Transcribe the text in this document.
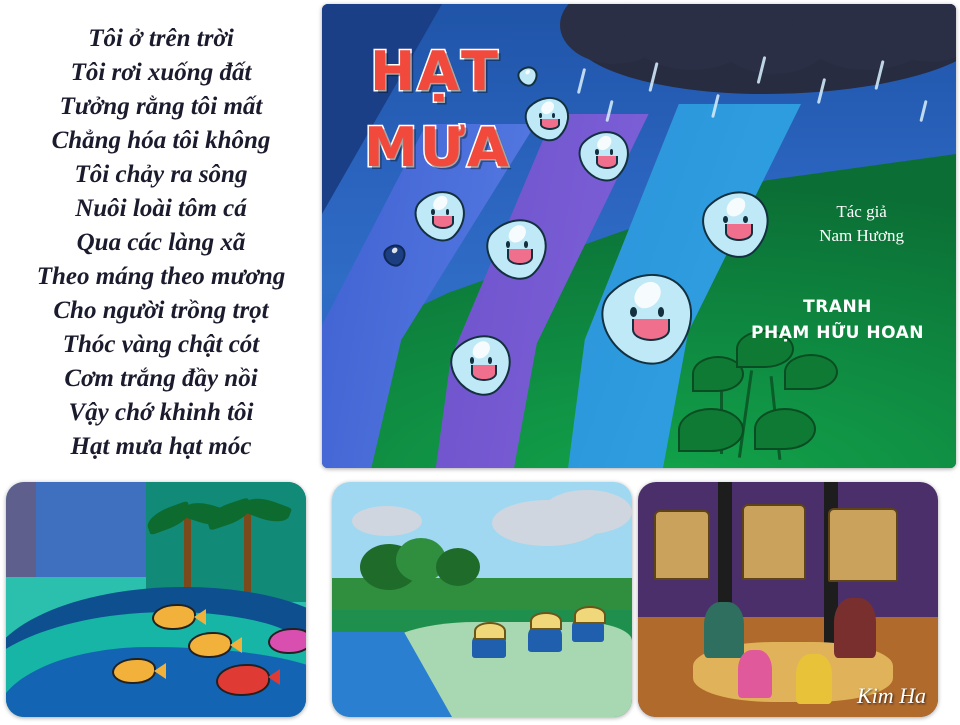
Tôi ở trên trời
Tôi rơi xuống đất
Tưởng rằng tôi mất
Chẳng hóa tôi không
Tôi chảy ra sông
Nuôi loài tôm cá
Qua các làng xã
Theo máng theo mương
Cho người trồng trọt
Thóc vàng chật cót
Cơm trắng đầy nồi
Vậy chớ khinh tôi
Hạt mưa hạt móc
HẠT
MƯA
Tác giả
Nam Hương
TRANH
PHẠM HỮU HOAN
Kim Ha
